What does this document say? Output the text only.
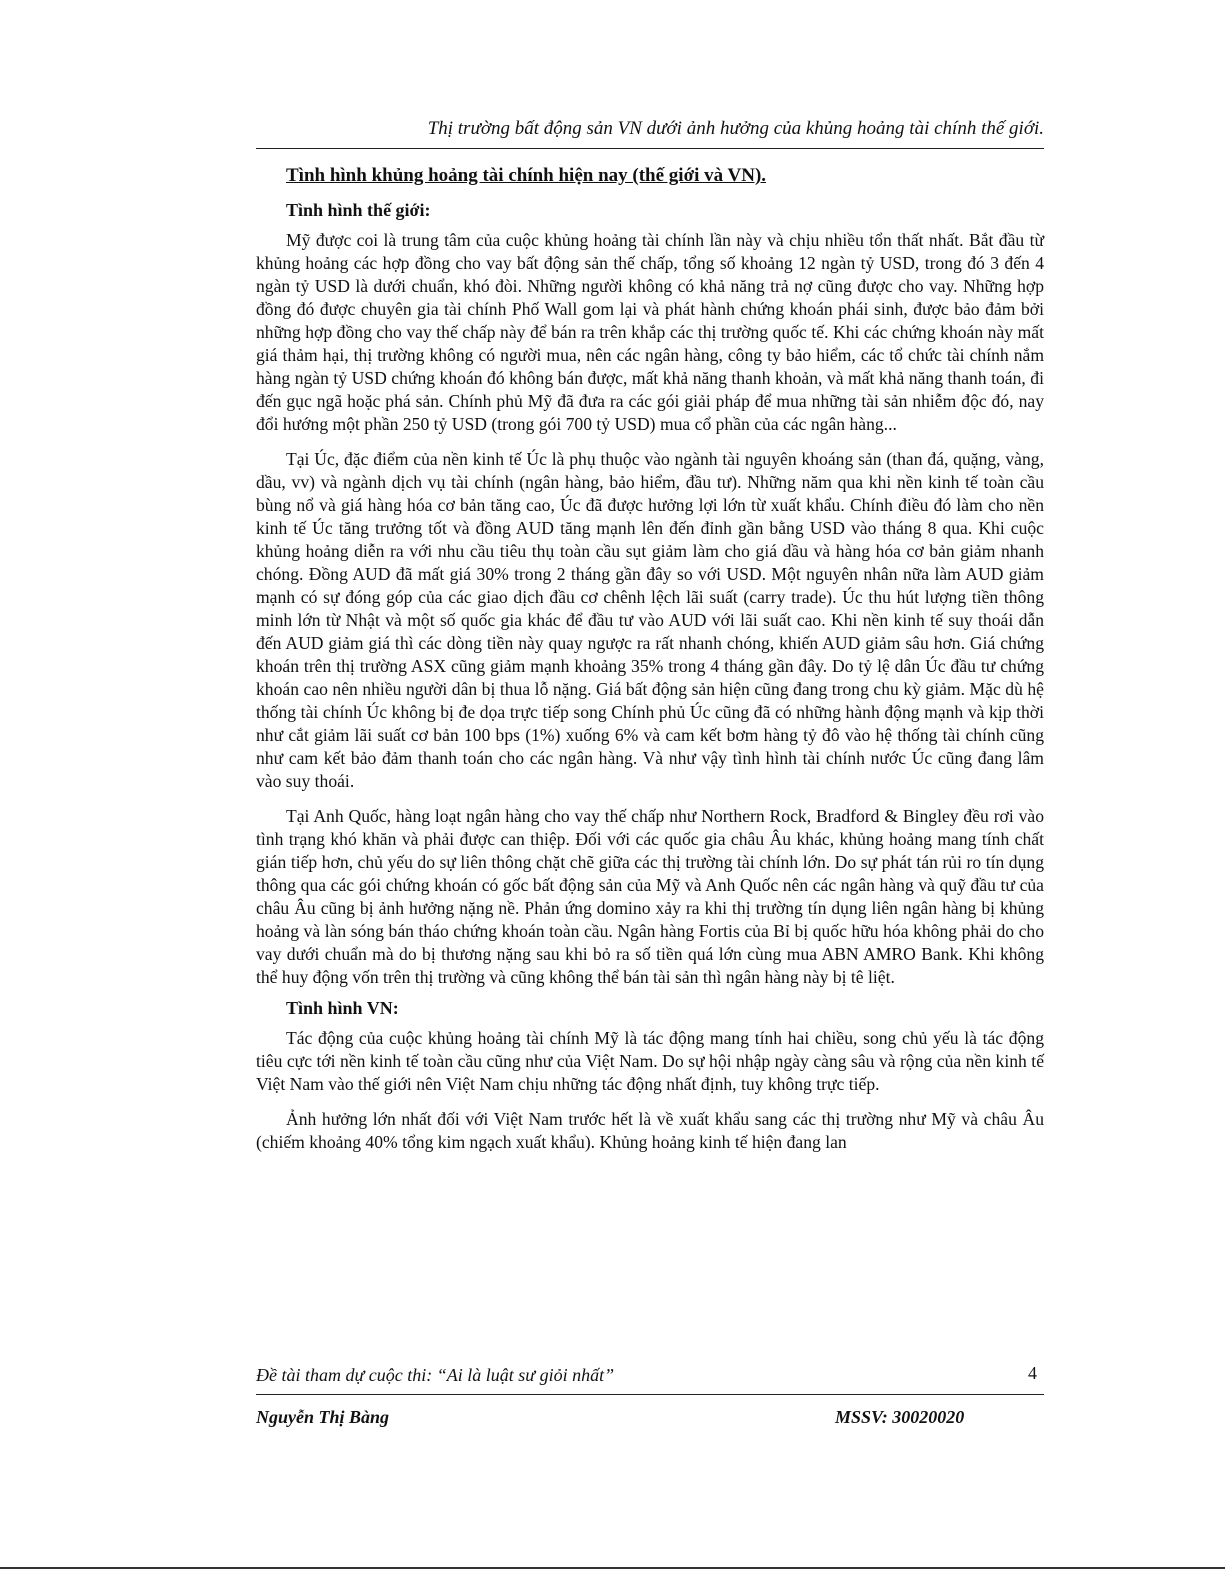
Thị trường bất động sản VN dưới ảnh hưởng của khủng hoảng tài chính thế giới.
Tình hình khủng hoảng tài chính hiện nay (thế giới và VN).
Tình hình thế giới:

Mỹ được coi là trung tâm của cuộc khủng hoảng tài chính lần này và chịu nhiều tổn thất nhất. Bắt đầu từ khủng hoảng các hợp đồng cho vay bất động sản thế chấp, tổng số khoảng 12 ngàn tỷ USD, trong đó 3 đến 4 ngàn tỷ USD là dưới chuẩn, khó đòi. Những người không có khả năng trả nợ cũng được cho vay. Những hợp đồng đó được chuyên gia tài chính Phố Wall gom lại và phát hành chứng khoán phái sinh, được bảo đảm bởi những hợp đồng cho vay thế chấp này để bán ra trên khắp các thị trường quốc tế. Khi các chứng khoán này mất giá thảm hại, thị trường không có người mua, nên các ngân hàng, công ty bảo hiểm, các tổ chức tài chính nắm hàng ngàn tỷ USD chứng khoán đó không bán được, mất khả năng thanh khoản, và mất khả năng thanh toán, đi đến gục ngã hoặc phá sản. Chính phủ Mỹ đã đưa ra các gói giải pháp để mua những tài sản nhiễm độc đó, nay đổi hướng một phần 250 tỷ USD (trong gói 700 tỷ USD) mua cổ phần của các ngân hàng...

Tại Úc, đặc điểm của nền kinh tế Úc là phụ thuộc vào ngành tài nguyên khoáng sản (than đá, quặng, vàng, dầu, vv) và ngành dịch vụ tài chính (ngân hàng, bảo hiểm, đầu tư). Những năm qua khi nền kinh tế toàn cầu bùng nổ và giá hàng hóa cơ bản tăng cao, Úc đã được hưởng lợi lớn từ xuất khẩu. Chính điều đó làm cho nền kinh tế Úc tăng trưởng tốt và đồng AUD tăng mạnh lên đến đỉnh gần bằng USD vào tháng 8 qua. Khi cuộc khủng hoảng diễn ra với nhu cầu tiêu thụ toàn cầu sụt giảm làm cho giá dầu và hàng hóa cơ bản giảm nhanh chóng. Đồng AUD đã mất giá 30% trong 2 tháng gần đây so với USD. Một nguyên nhân nữa làm AUD giảm mạnh có sự đóng góp của các giao dịch đầu cơ chênh lệch lãi suất (carry trade). Úc thu hút lượng tiền thông minh lớn từ Nhật và một số quốc gia khác để đầu tư vào AUD với lãi suất cao. Khi nền kinh tế suy thoái dẫn đến AUD giảm giá thì các dòng tiền này quay ngược ra rất nhanh chóng, khiến AUD giảm sâu hơn. Giá chứng khoán trên thị trường ASX cũng giảm mạnh khoảng 35% trong 4 tháng gần đây. Do tỷ lệ dân Úc đầu tư chứng khoán cao nên nhiều người dân bị thua lỗ nặng. Giá bất động sản hiện cũng đang trong chu kỳ giảm. Mặc dù hệ thống tài chính Úc không bị đe dọa trực tiếp song Chính phủ Úc cũng đã có những hành động mạnh và kịp thời như cắt giảm lãi suất cơ bản 100 bps (1%) xuống 6% và cam kết bơm hàng tỷ đô vào hệ thống tài chính cũng như cam kết bảo đảm thanh toán cho các ngân hàng. Và như vậy tình hình tài chính nước Úc cũng đang lâm vào suy thoái.

Tại Anh Quốc, hàng loạt ngân hàng cho vay thế chấp như Northern Rock, Bradford & Bingley đều rơi vào tình trạng khó khăn và phải được can thiệp. Đối với các quốc gia châu Âu khác, khủng hoảng mang tính chất gián tiếp hơn, chủ yếu do sự liên thông chặt chẽ giữa các thị trường tài chính lớn. Do sự phát tán rủi ro tín dụng thông qua các gói chứng khoán có gốc bất động sản của Mỹ và Anh Quốc nên các ngân hàng và quỹ đầu tư của châu Âu cũng bị ảnh hưởng nặng nề. Phản ứng domino xảy ra khi thị trường tín dụng liên ngân hàng bị khủng hoảng và làn sóng bán tháo chứng khoán toàn cầu. Ngân hàng Fortis của Bỉ bị quốc hữu hóa không phải do cho vay dưới chuẩn mà do bị thương nặng sau khi bỏ ra số tiền quá lớn cùng mua ABN AMRO Bank. Khi không thể huy động vốn trên thị trường và cũng không thể bán tài sản thì ngân hàng này bị tê liệt.

Tình hình VN:

Tác động của cuộc khủng hoảng tài chính Mỹ là tác động mang tính hai chiều, song chủ yếu là tác động tiêu cực tới nền kinh tế toàn cầu cũng như của Việt Nam. Do sự hội nhập ngày càng sâu và rộng của nền kinh tế Việt Nam vào thế giới nên Việt Nam chịu những tác động nhất định, tuy không trực tiếp.

Ảnh hưởng lớn nhất đối với Việt Nam trước hết là về xuất khẩu sang các thị trường như Mỹ và châu Âu (chiếm khoảng 40% tổng kim ngạch xuất khẩu). Khủng hoảng kinh tế hiện đang lan

Đề tài tham dự cuộc thi: “Ai là luật sư giỏi nhất”	4
Nguyễn Thị Bàng	MSSV: 30020020
